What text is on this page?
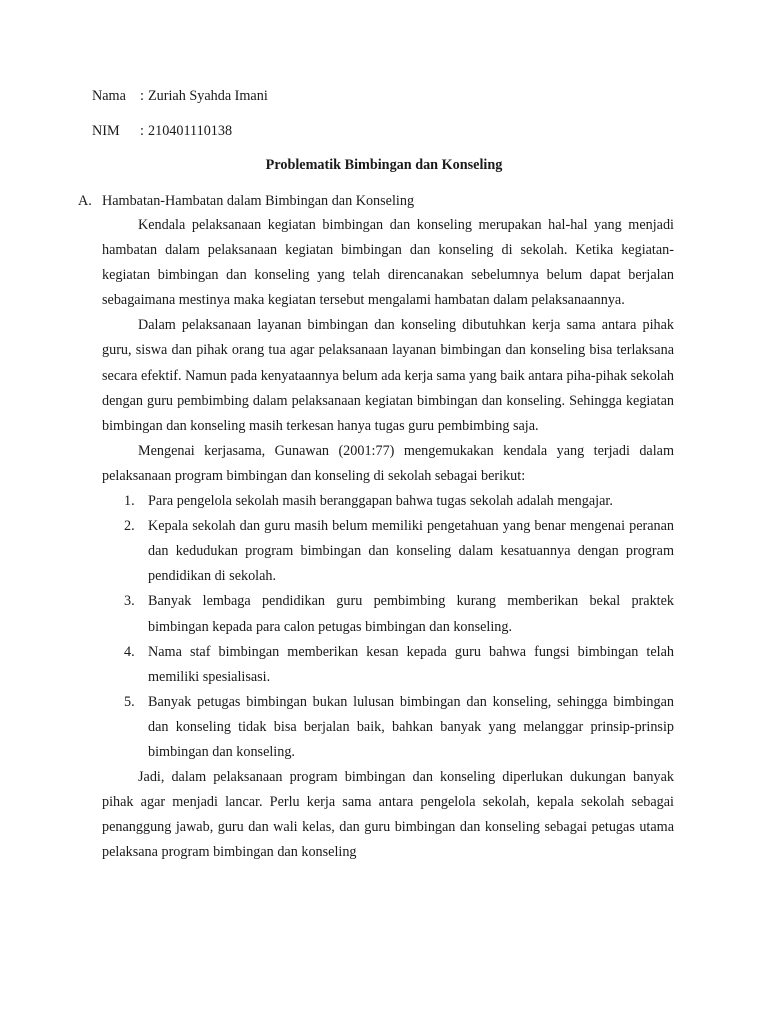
Nama : Zuriah Syahda Imani
NIM : 210401110138
Problematik Bimbingan dan Konseling
A. Hambatan-Hambatan dalam Bimbingan dan Konseling

Kendala pelaksanaan kegiatan bimbingan dan konseling merupakan hal-hal yang menjadi hambatan dalam pelaksanaan kegiatan bimbingan dan konseling di sekolah. Ketika kegiatan-kegiatan bimbingan dan konseling yang telah direncanakan sebelumnya belum dapat berjalan sebagaimana mestinya maka kegiatan tersebut mengalami hambatan dalam pelaksanaannya.

Dalam pelaksanaan layanan bimbingan dan konseling dibutuhkan kerja sama antara pihak guru, siswa dan pihak orang tua agar pelaksanaan layanan bimbingan dan konseling bisa terlaksana secara efektif. Namun pada kenyataannya belum ada kerja sama yang baik antara piha-pihak sekolah dengan guru pembimbing dalam pelaksanaan kegiatan bimbingan dan konseling. Sehingga kegiatan bimbingan dan konseling masih terkesan hanya tugas guru pembimbing saja.

Mengenai kerjasama, Gunawan (2001:77) mengemukakan kendala yang terjadi dalam pelaksanaan program bimbingan dan konseling di sekolah sebagai berikut:

1. Para pengelola sekolah masih beranggapan bahwa tugas sekolah adalah mengajar.
2. Kepala sekolah dan guru masih belum memiliki pengetahuan yang benar mengenai peranan dan kedudukan program bimbingan dan konseling dalam kesatuannya dengan program pendidikan di sekolah.
3. Banyak lembaga pendidikan guru pembimbing kurang memberikan bekal praktek bimbingan kepada para calon petugas bimbingan dan konseling.
4. Nama staf bimbingan memberikan kesan kepada guru bahwa fungsi bimbingan telah memiliki spesialisasi.
5. Banyak petugas bimbingan bukan lulusan bimbingan dan konseling, sehingga bimbingan dan konseling tidak bisa berjalan baik, bahkan banyak yang melanggar prinsip-prinsip bimbingan dan konseling.

Jadi, dalam pelaksanaan program bimbingan dan konseling diperlukan dukungan banyak pihak agar menjadi lancar. Perlu kerja sama antara pengelola sekolah, kepala sekolah sebagai penanggung jawab, guru dan wali kelas, dan guru bimbingan dan konseling sebagai petugas utama pelaksana program bimbingan dan konseling
